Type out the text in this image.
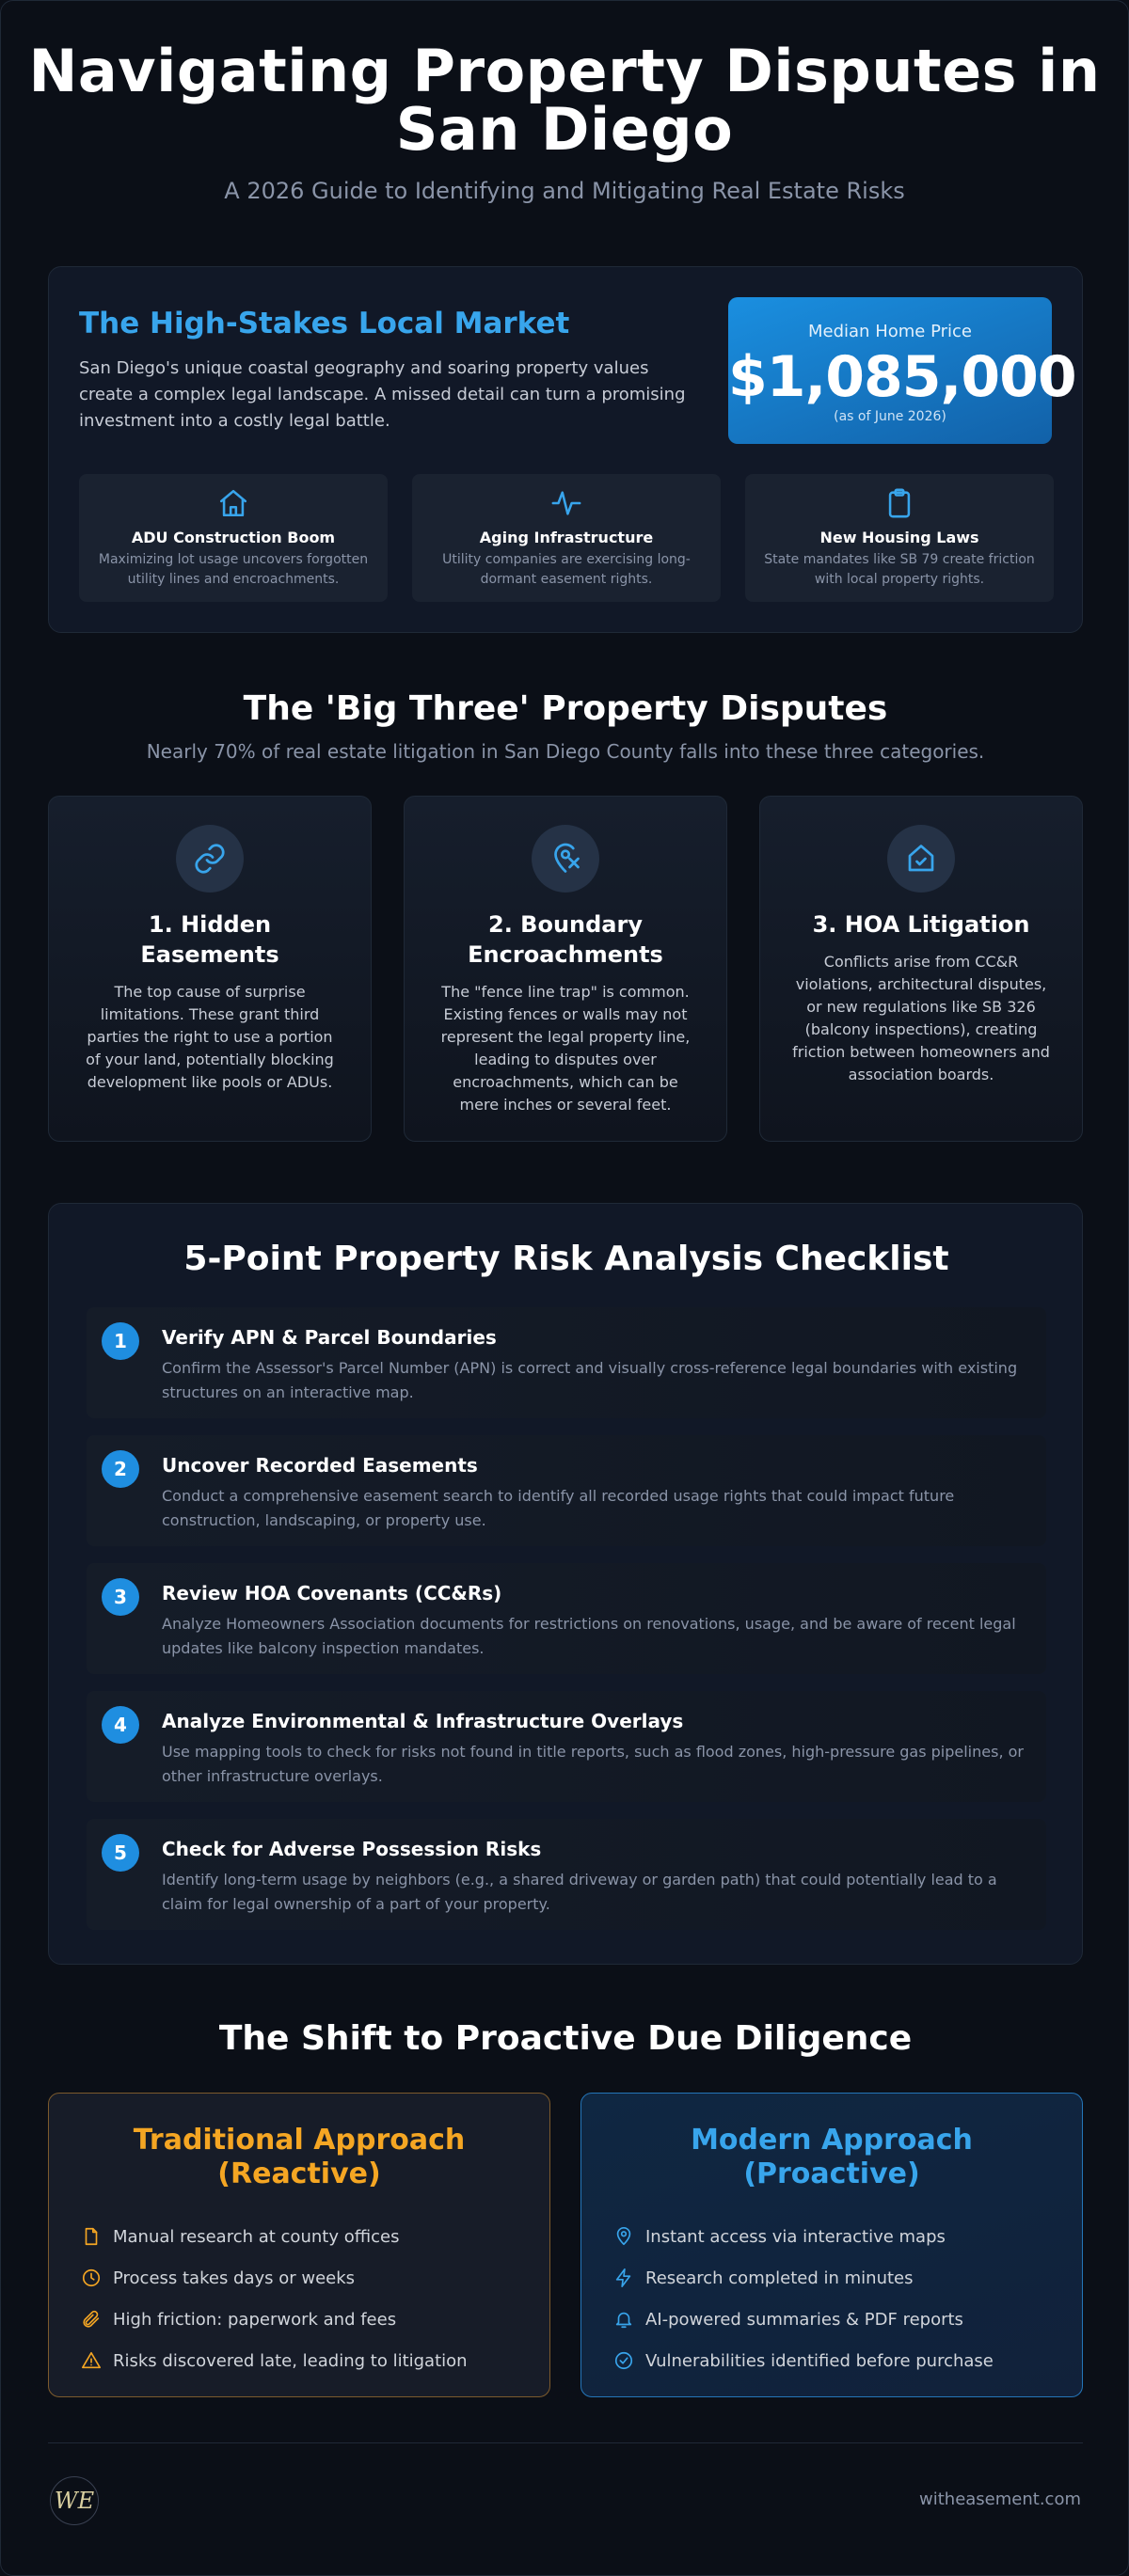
Navigating Property Disputes in
San Diego
A 2026 Guide to Identifying and Mitigating Real Estate Risks
The High-Stakes Local Market

San Diego's unique coastal geography and soaring property values create a complex legal landscape. A missed detail can turn a promising investment into a costly legal battle.

Median Home Price
$1,085,000
(as of June 2026)
ADU Construction Boom
Maximizing lot usage uncovers forgotten utility lines and encroachments.
Aging Infrastructure
Utility companies are exercising long-dormant easement rights.
New Housing Laws
State mandates like SB 79 create friction with local property rights.
The 'Big Three' Property Disputes
Nearly 70% of real estate litigation in San Diego County falls into these three categories.
1. Hidden Easements

The top cause of surprise limitations. These grant third parties the right to use a portion of your land, potentially blocking development like pools or ADUs.

2. Boundary Encroachments

The "fence line trap" is common. Existing fences or walls may not represent the legal property line, leading to disputes over encroachments, which can be mere inches or several feet.

3. HOA Litigation

Conflicts arise from CC&R violations, architectural disputes, or new regulations like SB 326 (balcony inspections), creating friction between homeowners and association boards.

5-Point Property Risk Analysis Checklist
1	Verify APN & Parcel Boundaries
Confirm the Assessor's Parcel Number (APN) is correct and visually cross-reference legal boundaries with existing structures on an interactive map.
2	Uncover Recorded Easements
Conduct a comprehensive easement search to identify all recorded usage rights that could impact future construction, landscaping, or property use.
3	Review HOA Covenants (CC&Rs)
Analyze Homeowners Association documents for restrictions on renovations, usage, and be aware of recent legal updates like balcony inspection mandates.
4	Analyze Environmental & Infrastructure Overlays
Use mapping tools to check for risks not found in title reports, such as flood zones, high-pressure gas pipelines, or other infrastructure overlays.
5	Check for Adverse Possession Risks
Identify long-term usage by neighbors (e.g., a shared driveway or garden path) that could potentially lead to a claim for legal ownership of a part of your property.
The Shift to Proactive Due Diligence
Traditional Approach (Reactive)
Manual research at county offices
Process takes days or weeks
High friction: paperwork and fees
Risks discovered late, leading to litigation
Modern Approach (Proactive)
Instant access via interactive maps
Research completed in minutes
AI-powered summaries & PDF reports
Vulnerabilities identified before purchase
WE	witheasement.com
